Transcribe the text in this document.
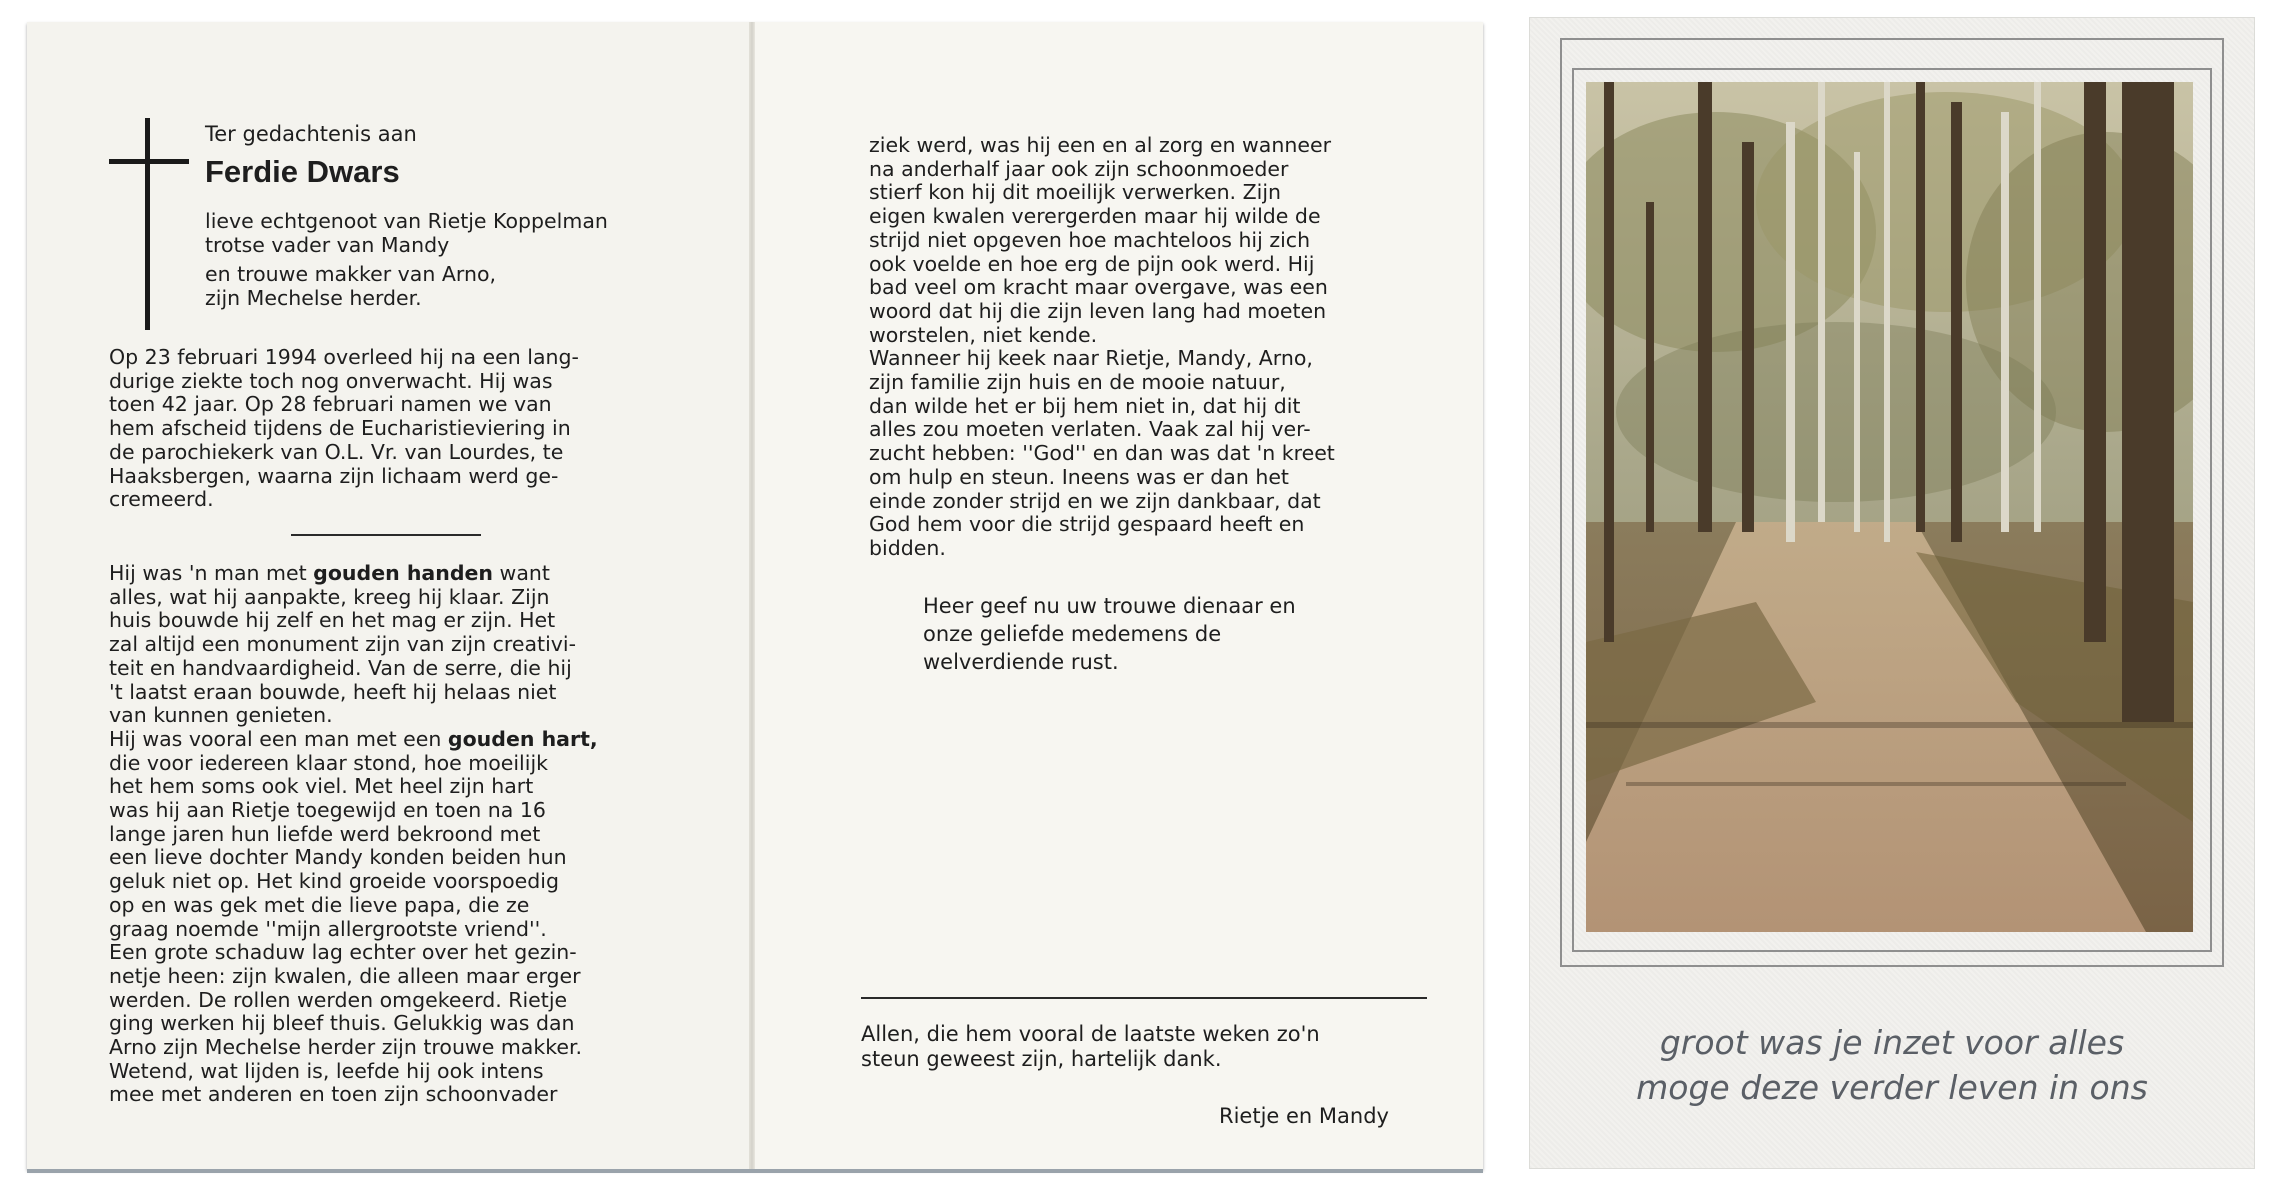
Ter gedachtenis aan
Ferdie Dwars

lieve echtgenoot van Rietje Koppelman

trotse vader van Mandy

en trouwe makker van Arno,

zijn Mechelse herder.

Op 23 februari 1994 overleed hij na een lang-

durige ziekte toch nog onverwacht. Hij was

toen 42 jaar. Op 28 februari namen we van

hem afscheid tijdens de Eucharistieviering in

de parochiekerk van O.L. Vr. van Lourdes, te

Haaksbergen, waarna zijn lichaam werd ge-

cremeerd.

Hij was 'n man met gouden handen want

alles, wat hij aanpakte, kreeg hij klaar. Zijn

huis bouwde hij zelf en het mag er zijn. Het

zal altijd een monument zijn van zijn creativi-

teit en handvaardigheid. Van de serre, die hij

't laatst eraan bouwde, heeft hij helaas niet

van kunnen genieten.

Hij was vooral een man met een gouden hart,

die voor iedereen klaar stond, hoe moeilijk

het hem soms ook viel. Met heel zijn hart

was hij aan Rietje toegewijd en toen na 16

lange jaren hun liefde werd bekroond met

een lieve dochter Mandy konden beiden hun

geluk niet op. Het kind groeide voorspoedig

op en was gek met die lieve papa, die ze

graag noemde ''mijn allergrootste vriend''.

Een grote schaduw lag echter over het gezin-

netje heen: zijn kwalen, die alleen maar erger

werden. De rollen werden omgekeerd. Rietje

ging werken hij bleef thuis. Gelukkig was dan

Arno zijn Mechelse herder zijn trouwe makker.

Wetend, wat lijden is, leefde hij ook intens

mee met anderen en toen zijn schoonvader

ziek werd, was hij een en al zorg en wanneer

na anderhalf jaar ook zijn schoonmoeder

stierf kon hij dit moeilijk verwerken. Zijn

eigen kwalen verergerden maar hij wilde de

strijd niet opgeven hoe machteloos hij zich

ook voelde en hoe erg de pijn ook werd. Hij

bad veel om kracht maar overgave, was een

woord dat hij die zijn leven lang had moeten

worstelen, niet kende.

Wanneer hij keek naar Rietje, Mandy, Arno,

zijn familie zijn huis en de mooie natuur,

dan wilde het er bij hem niet in, dat hij dit

alles zou moeten verlaten. Vaak zal hij ver-

zucht hebben: ''God'' en dan was dat 'n kreet

om hulp en steun. Ineens was er dan het

einde zonder strijd en we zijn dankbaar, dat

God hem voor die strijd gespaard heeft en

bidden.

Heer geef nu uw trouwe dienaar en
onze geliefde medemens de
welverdiende rust.
Allen, die hem vooral de laatste weken zo'n
steun geweest zijn, hartelijk dank.
Rietje en Mandy
groot was je inzet voor alles
moge deze verder leven in ons
